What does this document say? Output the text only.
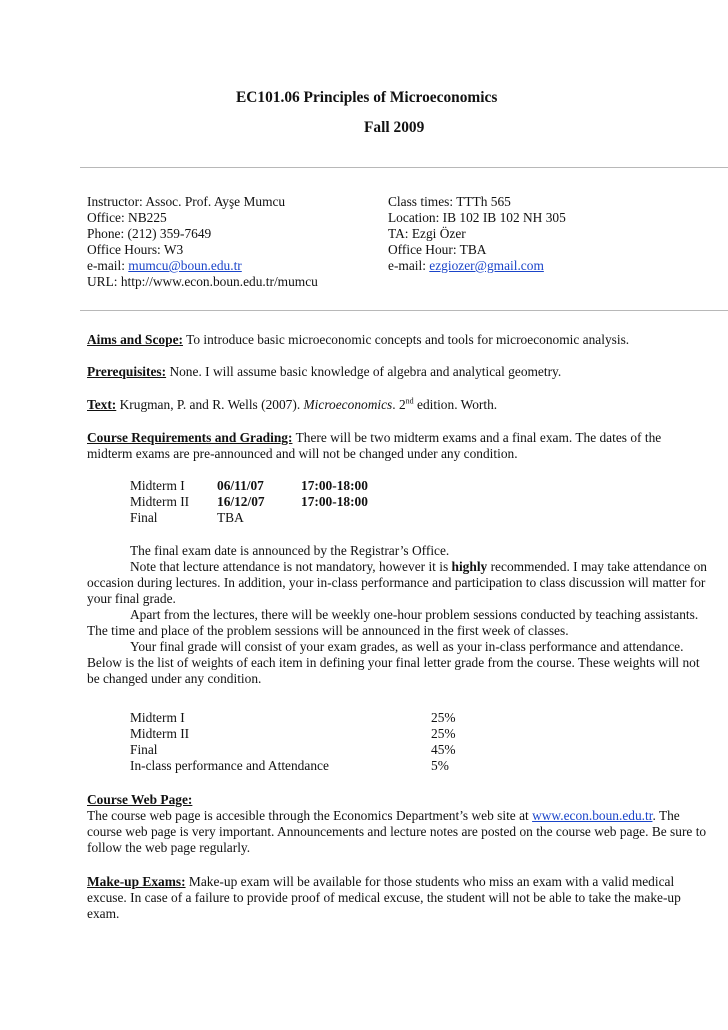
EC101.06 Principles of Microeconomics
Fall 2009
Instructor: Assoc. Prof. Ayşe Mumcu
Office: NB225
Phone: (212) 359-7649
Office Hours: W3
e-mail: mumcu@boun.edu.tr
URL: http://www.econ.boun.edu.tr/mumcu
Class times: TTTh 565
Location: IB 102 IB 102 NH 305
TA: Ezgi Özer
Office Hour: TBA
e-mail: ezgiozer@gmail.com
Aims and Scope: To introduce basic microeconomic concepts and tools for microeconomic analysis.
Prerequisites: None. I will assume basic knowledge of algebra and analytical geometry.
Text: Krugman, P. and R. Wells (2007). Microeconomics. 2nd edition. Worth.
Course Requirements and Grading: There will be two midterm exams and a final exam. The dates of the
midterm exams are pre-announced and will not be changed under any condition.
Midterm I 06/11/07	17:00-18:00
Midterm II 16/12/07	17:00-18:00
Final	TBA
The final exam date is announced by the Registrar’s Office.
Note that lecture attendance is not mandatory, however it is highly recommended. I may take attendance on occasion during lectures. In addition, your in-class performance and participation to class discussion will matter for your final grade.
Apart from the lectures, there will be weekly one-hour problem sessions conducted by teaching assistants. The time and place of the problem sessions will be announced in the first week of classes.
Your final grade will consist of your exam grades, as well as your in-class performance and attendance. Below is the list of weights of each item in defining your final letter grade from the course. These weights will not be changed under any condition.
Midterm I	25%
Midterm II	25%
Final	45%
In-class performance and Attendance	5%
Course Web Page:
The course web page is accesible through the Economics Department’s web site at www.econ.boun.edu.tr. The course web page is very important. Announcements and lecture notes are posted on the course web page. Be sure to follow the web page regularly.
Make-up Exams: Make-up exam will be available for those students who miss an exam with a valid medical excuse. In case of a failure to provide proof of medical excuse, the student will not be able to take the make-up exam.
